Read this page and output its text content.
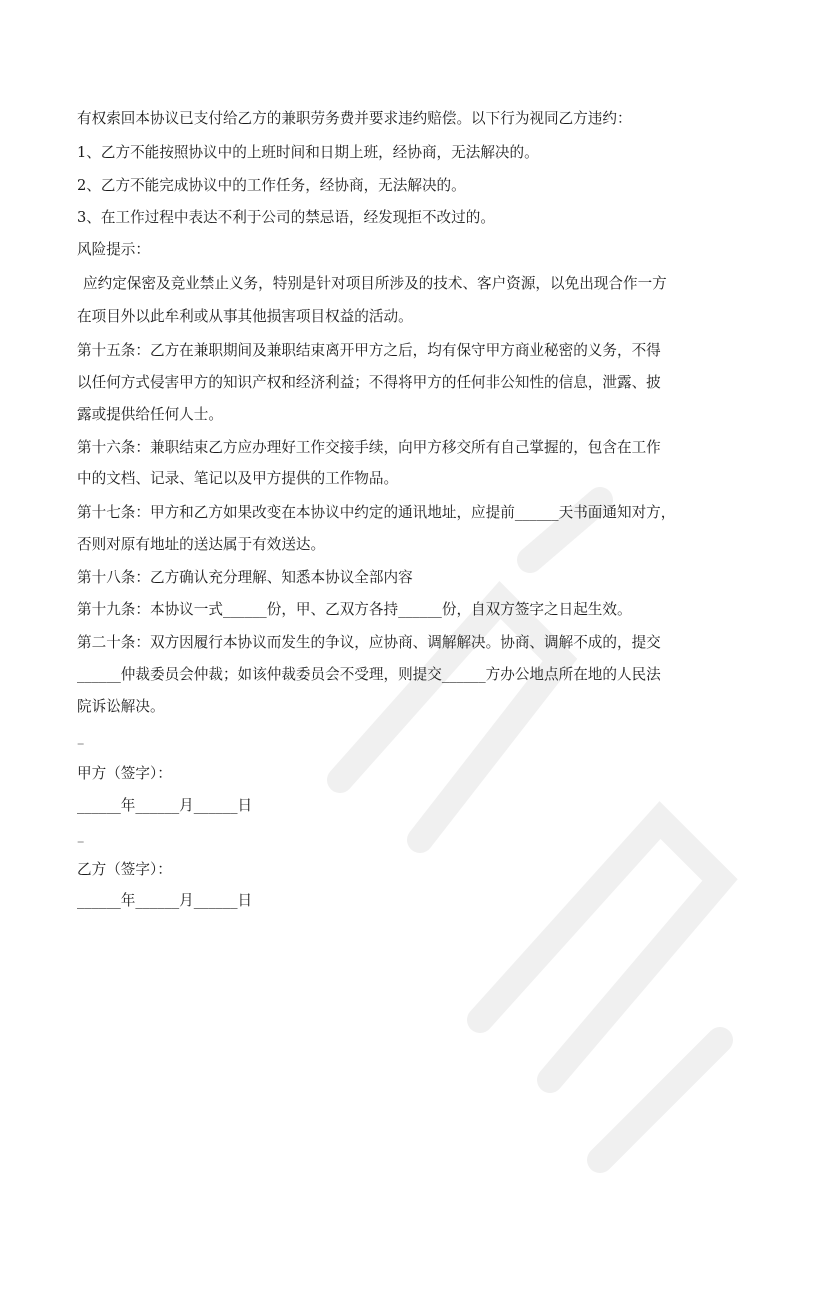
有权索回本协议已支付给乙方的兼职劳务费并要求违约赔偿。以下行为视同乙方违约：
1、乙方不能按照协议中的上班时间和日期上班，经协商，无法解决的。
2、乙方不能完成协议中的工作任务，经协商，无法解决的。
3、在工作过程中表达不利于公司的禁忌语，经发现拒不改过的。
风险提示：
应约定保密及竞业禁止义务，特别是针对项目所涉及的技术、客户资源，以免出现合作一方
在项目外以此牟利或从事其他损害项目权益的活动。
第十五条：乙方在兼职期间及兼职结束离开甲方之后，均有保守甲方商业秘密的义务，不得
以任何方式侵害甲方的知识产权和经济利益；不得将甲方的任何非公知性的信息，泄露、披
露或提供给任何人士。
第十六条：兼职结束乙方应办理好工作交接手续，向甲方移交所有自己掌握的，包含在工作
中的文档、记录、笔记以及甲方提供的工作物品。
第十七条：甲方和乙方如果改变在本协议中约定的通讯地址，应提前______天书面通知对方，
否则对原有地址的送达属于有效送达。
第十八条：乙方确认充分理解、知悉本协议全部内容
第十九条：本协议一式______份，甲、乙双方各持______份，自双方签字之日起生效。
第二十条：双方因履行本协议而发生的争议，应协商、调解解决。协商、调解不成的，提交
______仲裁委员会仲裁；如该仲裁委员会不受理，则提交______方办公地点所在地的人民法
院诉讼解决。
–
甲方（签字）：
______年______月______日
–
乙方（签字）：
______年______月______日
